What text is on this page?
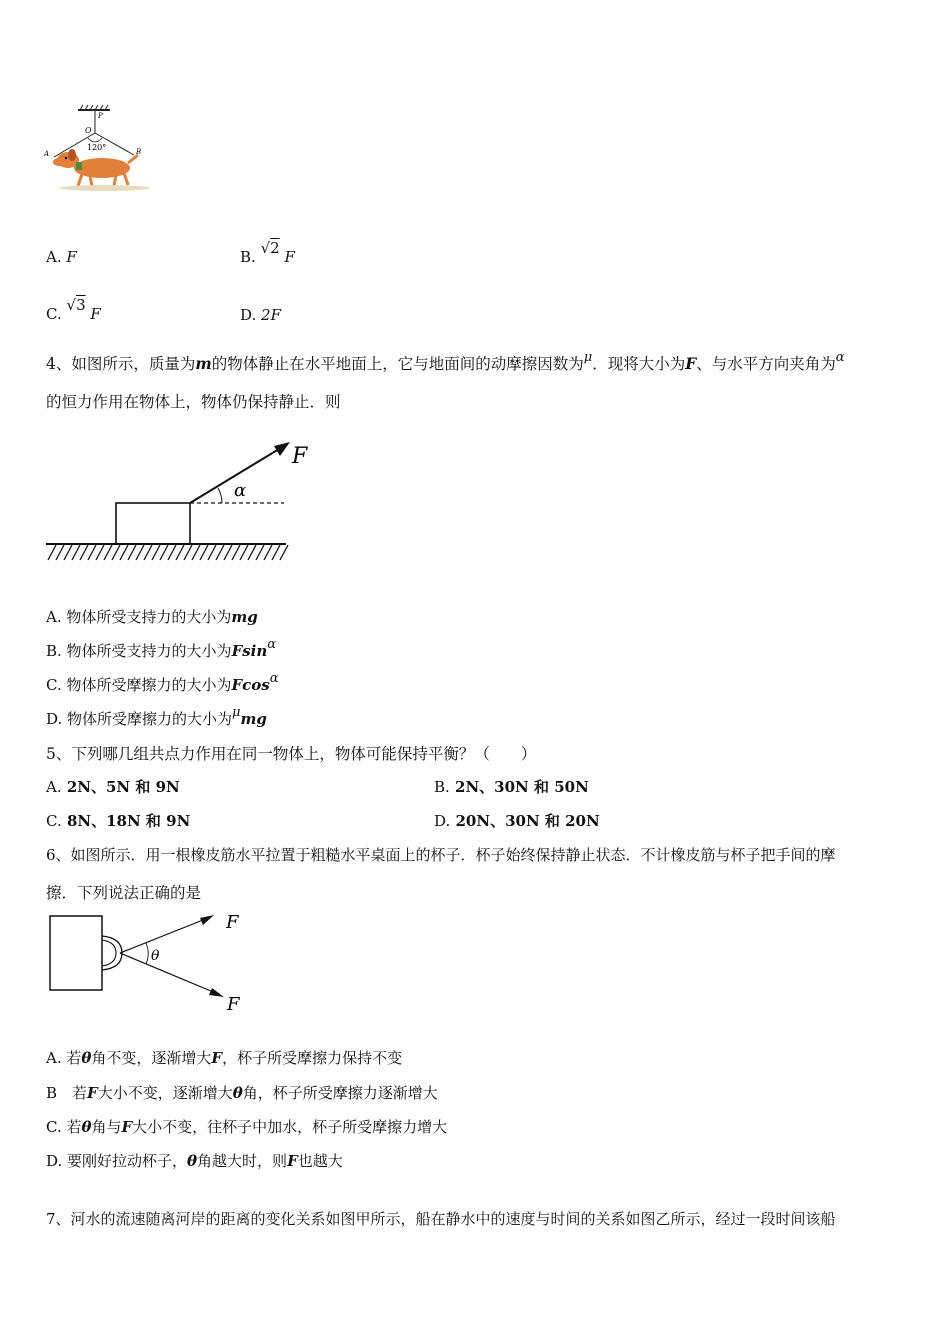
P
O
A	B
120°
A. F	B. √2 F
C. √3 F	D. 2F
4、如图所示，质量为m的物体静止在水平地面上，它与地面间的动摩擦因数为$^\mu$．现将大小为F、与水平方向夹角为$^\alpha$
的恒力作用在物体上，物体仍保持静止．则
F
α
A. 物体所受支持力的大小为mg
B. 物体所受支持力的大小为Fsinα
C. 物体所受摩擦力的大小为Fcosα
D. 物体所受摩擦力的大小为μmg
5、下列哪几组共点力作用在同一物体上，物体可能保持平衡？（　　）
A. 2N、5N 和 9N	B. 2N、30N 和 50N
C. 8N、18N 和 9N	D. 20N、30N 和 20N
6、如图所示．用一根橡皮筋水平拉置于粗糙水平桌面上的杯子．杯子始终保持静止状态．不计橡皮筋与杯子把手间的摩
擦．下列说法正确的是
F
F
θ
A. 若θ角不变，逐渐增大F，杯子所受摩擦力保持不变
B　若F大小不变，逐渐增大θ角，杯子所受摩擦力逐渐增大
C. 若θ角与F大小不变，往杯子中加水，杯子所受摩擦力增大
D. 要刚好拉动杯子，θ角越大时，则F也越大
7、河水的流速随离河岸的距离的变化关系如图甲所示，船在静水中的速度与时间的关系如图乙所示，经过一段时间该船
